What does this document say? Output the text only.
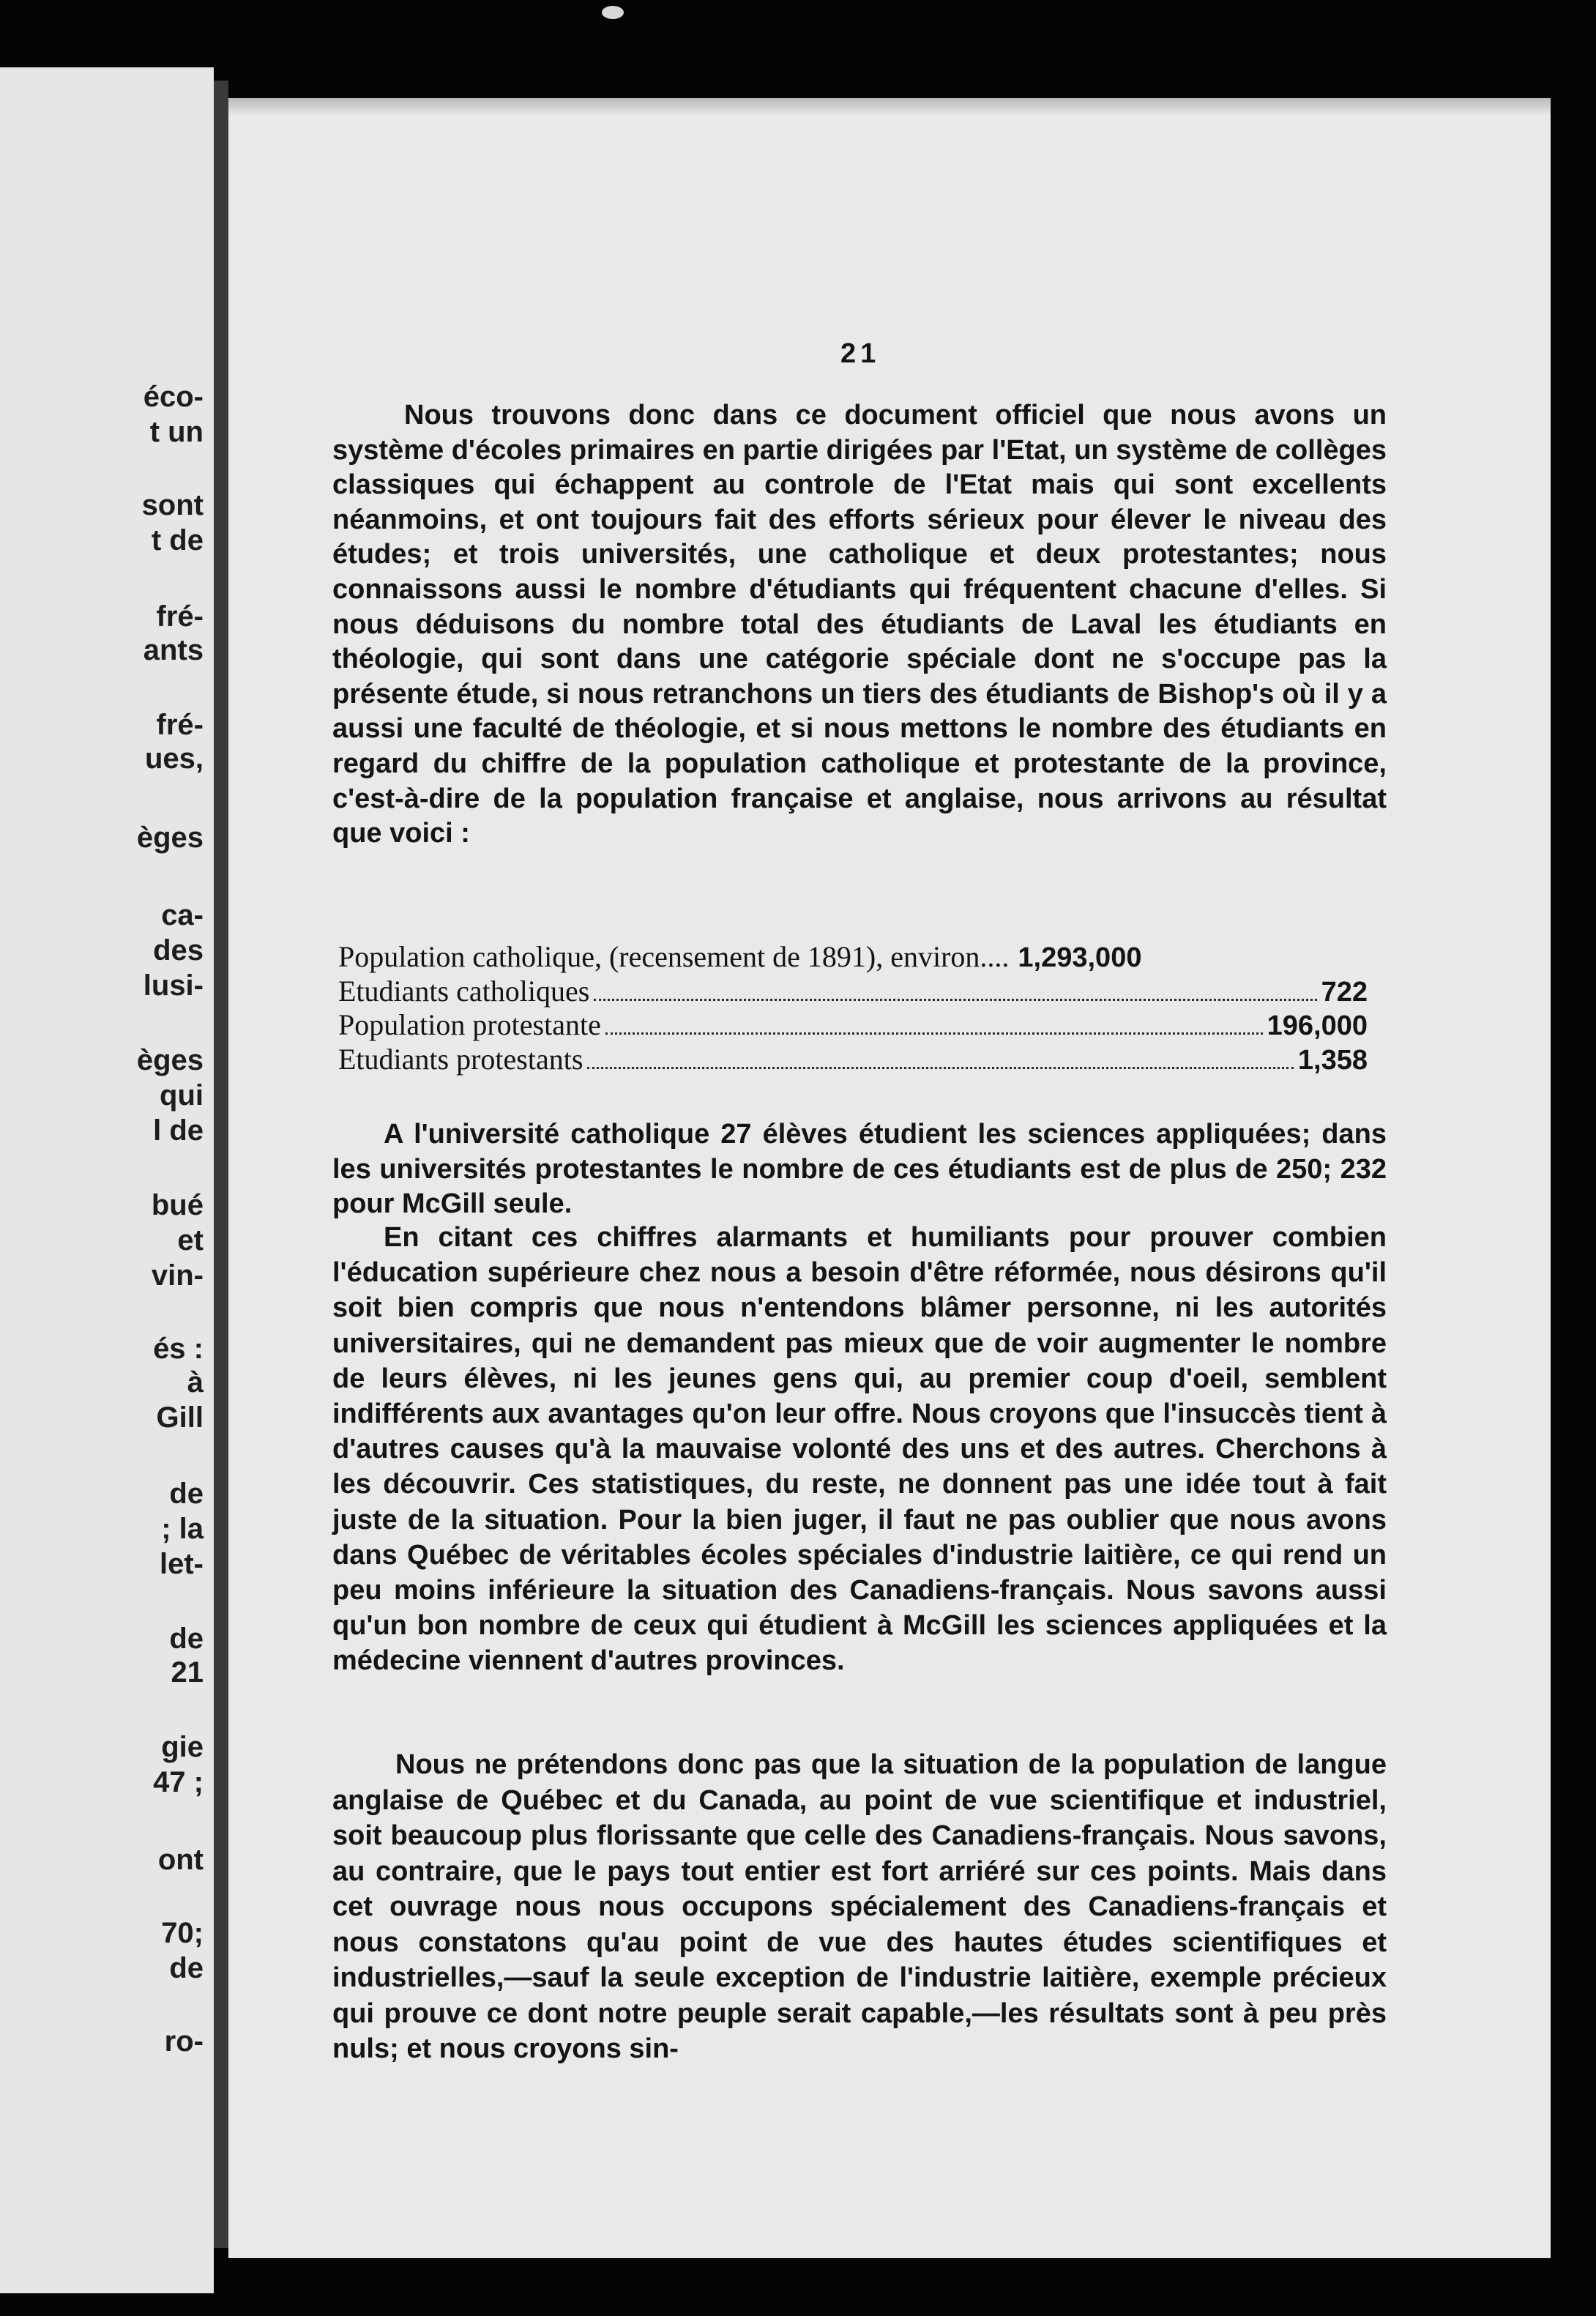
éco-
t un
sont
t de
fré-
ants
fré-
ues,
èges
ca-
des
lusi-
èges
qui
l de
bué
et
vin-
és :
à
Gill
de
; la
let-
de
21
gie
47 ;
ont
70;
de
ro-
21

Nous trouvons donc dans ce document officiel que nous avons un système d'écoles primaires en partie dirigées par l'Etat, un système de collèges classiques qui échappent au controle de l'Etat mais qui sont excellents néanmoins, et ont toujours fait des efforts sérieux pour élever le niveau des études; et trois universités, une catholique et deux protestantes; nous connaissons aussi le nombre d'étudiants qui fréquentent chacune d'elles. Si nous déduisons du nombre total des étudiants de Laval les étudiants en théologie, qui sont dans une catégorie spéciale dont ne s'occupe pas la présente étude, si nous retranchons un tiers des étudiants de Bishop's où il y a aussi une faculté de théologie, et si nous mettons le nombre des étudiants en regard du chiffre de la population catholique et protestante de la province, c'est-à-dire de la population française et anglaise, nous arrivons au résultat que voici :

Population catholique, (recensement de 1891), environ.... 1,293,000
Etudiants catholiques	722
Population protestante	196,000
Etudiants protestants	1,358

A l'université catholique 27 élèves étudient les sciences appliquées; dans les universités protestantes le nombre de ces étudiants est de plus de 250; 232 pour McGill seule.

En citant ces chiffres alarmants et humiliants pour prouver combien l'éducation supérieure chez nous a besoin d'être réformée, nous désirons qu'il soit bien compris que nous n'entendons blâmer personne, ni les autorités universitaires, qui ne demandent pas mieux que de voir augmenter le nombre de leurs élèves, ni les jeunes gens qui, au premier coup d'oeil, semblent indifférents aux avantages qu'on leur offre. Nous croyons que l'insuccès tient à d'autres causes qu'à la mauvaise volonté des uns et des autres. Cherchons à les découvrir. Ces statistiques, du reste, ne donnent pas une idée tout à fait juste de la situation. Pour la bien juger, il faut ne pas oublier que nous avons dans Québec de véritables écoles spéciales d'industrie laitière, ce qui rend un peu moins inférieure la situation des Canadiens-français. Nous savons aussi qu'un bon nombre de ceux qui étudient à McGill les sciences appliquées et la médecine viennent d'autres provinces.

Nous ne prétendons donc pas que la situation de la population de langue anglaise de Québec et du Canada, au point de vue scientifique et industriel, soit beaucoup plus florissante que celle des Canadiens-français. Nous savons, au contraire, que le pays tout entier est fort arriéré sur ces points. Mais dans cet ouvrage nous nous occupons spécialement des Canadiens-français et nous constatons qu'au point de vue des hautes études scientifiques et industrielles,—sauf la seule exception de l'industrie laitière, exemple précieux qui prouve ce dont notre peuple serait capable,—les résultats sont à peu près nuls; et nous croyons sin-
